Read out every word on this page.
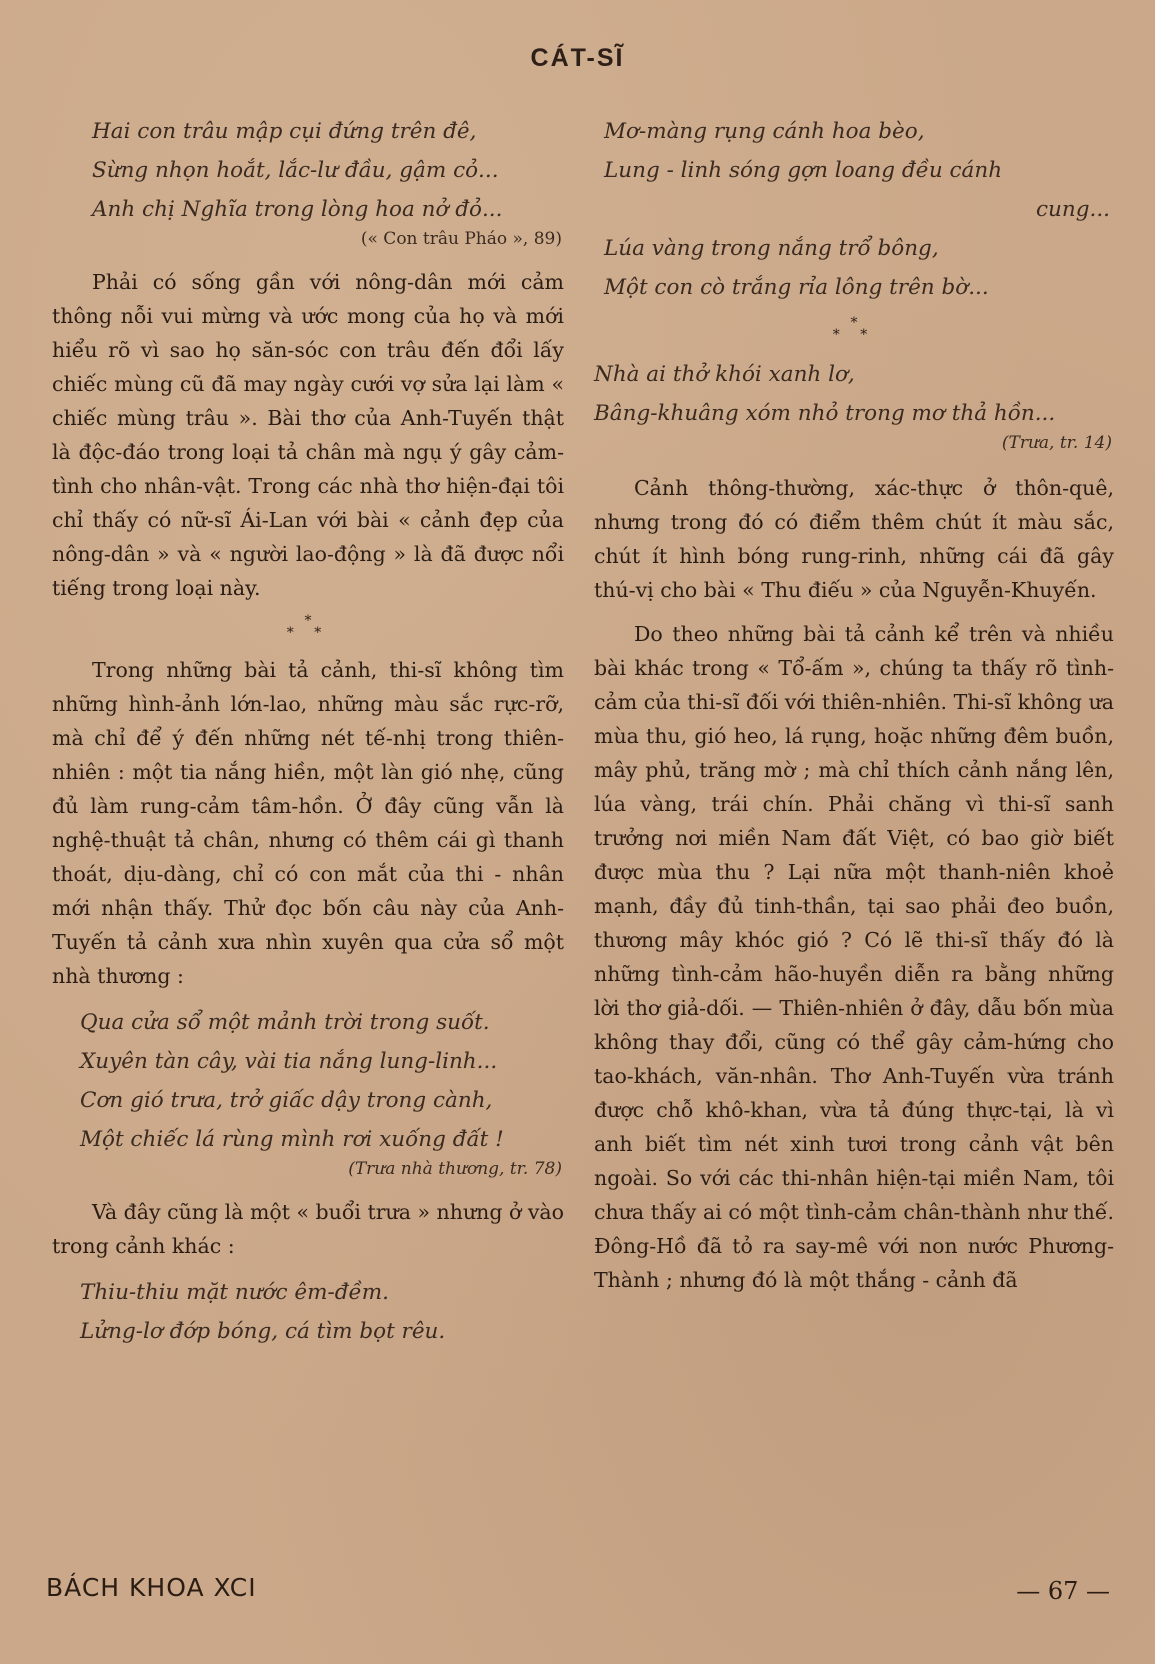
CÁT-SĨ
Hai con trâu mập cụi đứng trên đê,
Sừng nhọn hoắt, lắc-lư đầu, gậm cỏ...
Anh chị Nghĩa trong lòng hoa nở đỏ...
(« Con trâu Pháo », 89)

Phải có sống gần với nông-dân mới cảm thông nỗi vui mừng và ước mong của họ và mới hiểu rõ vì sao họ săn-sóc con trâu đến đổi lấy chiếc mùng cũ đã may ngày cưới vợ sửa lại làm « chiếc mùng trâu ». Bài thơ của Anh-Tuyến thật là độc-đáo trong loại tả chân mà ngụ ý gây cảm-tình cho nhân-vật. Trong các nhà thơ hiện-đại tôi chỉ thấy có nữ-sĩ Ái-Lan với bài « cảnh đẹp của nông-dân » và « người lao-động » là đã được nổi tiếng trong loại này.

*
* *

Trong những bài tả cảnh, thi-sĩ không tìm những hình-ảnh lớn-lao, những màu sắc rực-rỡ, mà chỉ để ý đến những nét tế-nhị trong thiên-nhiên : một tia nắng hiền, một làn gió nhẹ, cũng đủ làm rung-cảm tâm-hồn. Ở đây cũng vẫn là nghệ-thuật tả chân, nhưng có thêm cái gì thanh thoát, dịu-dàng, chỉ có con mắt của thi - nhân mới nhận thấy. Thử đọc bốn câu này của Anh-Tuyến tả cảnh xưa nhìn xuyên qua cửa sổ một nhà thương :

Qua cửa sổ một mảnh trời trong suốt.
Xuyên tàn cây, vài tia nắng lung-linh...
Cơn gió trưa, trở giấc dậy trong cành,
Một chiếc lá rùng mình rơi xuống đất !
(Trưa nhà thương, tr. 78)

Và đây cũng là một « buổi trưa » nhưng ở vào trong cảnh khác :

Thiu-thiu mặt nước êm-đềm.
Lửng-lơ đớp bóng, cá tìm bọt rêu.
Mơ-màng rụng cánh hoa bèo,
Lung - linh sóng gợn loang đều cánh
cung...
Lúa vàng trong nắng trổ bông,
Một con cò trắng rỉa lông trên bờ...
*
* *
Nhà ai thở khói xanh lơ,
Bâng-khuâng xóm nhỏ trong mơ thả hồn...
(Trưa, tr. 14)

Cảnh thông-thường, xác-thực ở thôn-quê, nhưng trong đó có điểm thêm chút ít màu sắc, chút ít hình bóng rung-rinh, những cái đã gây thú-vị cho bài « Thu điếu » của Nguyễn-Khuyến.

Do theo những bài tả cảnh kể trên và nhiều bài khác trong « Tổ-ấm », chúng ta thấy rõ tình-cảm của thi-sĩ đối với thiên-nhiên. Thi-sĩ không ưa mùa thu, gió heo, lá rụng, hoặc những đêm buồn, mây phủ, trăng mờ ; mà chỉ thích cảnh nắng lên, lúa vàng, trái chín. Phải chăng vì thi-sĩ sanh trưởng nơi miền Nam đất Việt, có bao giờ biết được mùa thu ? Lại nữa một thanh-niên khoẻ mạnh, đầy đủ tinh-thần, tại sao phải đeo buồn, thương mây khóc gió ? Có lẽ thi-sĩ thấy đó là những tình-cảm hão-huyền diễn ra bằng những lời thơ giả-dối. — Thiên-nhiên ở đây, dẫu bốn mùa không thay đổi, cũng có thể gây cảm-hứng cho tao-khách, văn-nhân. Thơ Anh-Tuyến vừa tránh được chỗ khô-khan, vừa tả đúng thực-tại, là vì anh biết tìm nét xinh tươi trong cảnh vật bên ngoài. So với các thi-nhân hiện-tại miền Nam, tôi chưa thấy ai có một tình-cảm chân-thành như thế. Đông-Hồ đã tỏ ra say-mê với non nước Phương-Thành ; nhưng đó là một thắng - cảnh đã

BÁCH KHOA XCI	— 67 —
